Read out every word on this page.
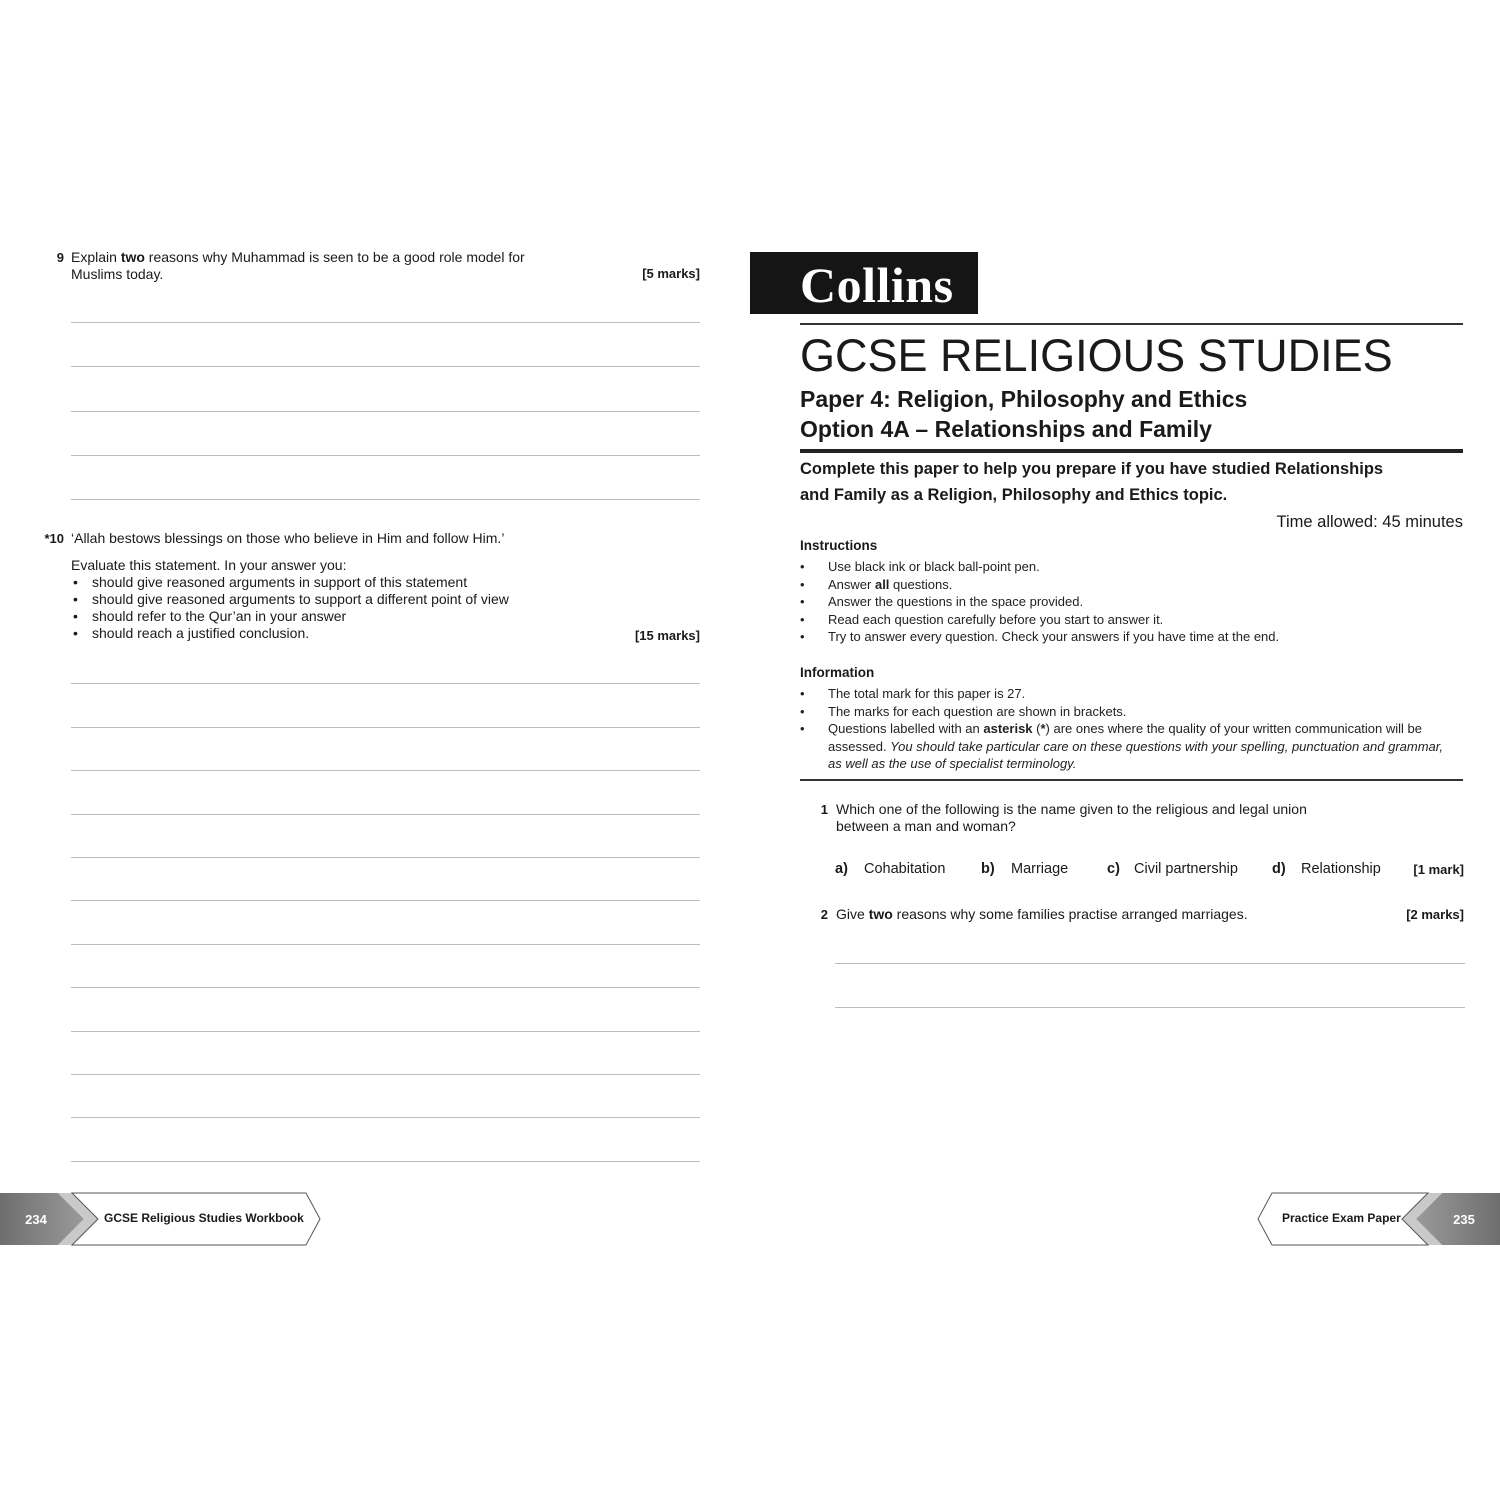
9 Explain two reasons why Muhammad is seen to be a good role model for
Muslims today.	[5 marks]
*10 ‘Allah bestows blessings on those who believe in Him and follow Him.’
Evaluate this statement. In your answer you:
• should give reasoned arguments in support of this statement
• should give reasoned arguments to support a different point of view
• should refer to the Qur’an in your answer
• should reach a justified conclusion.	[15 marks]
234	GCSE Religious Studies Workbook
Collins
GCSE RELIGIOUS STUDIES
Paper 4: Religion, Philosophy and Ethics
Option 4A – Relationships and Family
Complete this paper to help you prepare if you have studied Relationships
and Family as a Religion, Philosophy and Ethics topic.
Time allowed: 45 minutes
Instructions
• Use black ink or black ball-point pen.
• Answer all questions.
• Answer the questions in the space provided.
• Read each question carefully before you start to answer it.
• Try to answer every question. Check your answers if you have time at the end.
Information
• The total mark for this paper is 27.
• The marks for each question are shown in brackets.
• Questions labelled with an asterisk (*) are ones where the quality of your written communication will be
assessed. You should take particular care on these questions with your spelling, punctuation and grammar,
as well as the use of specialist terminology.
1 Which one of the following is the name given to the religious and legal union
between a man and woman?
a) Cohabitation b) Marriage	c) Civil partnership d) Relationship	[1 mark]
2 Give two reasons why some families practise arranged marriages.	[2 marks]
Practice Exam Paper	235
